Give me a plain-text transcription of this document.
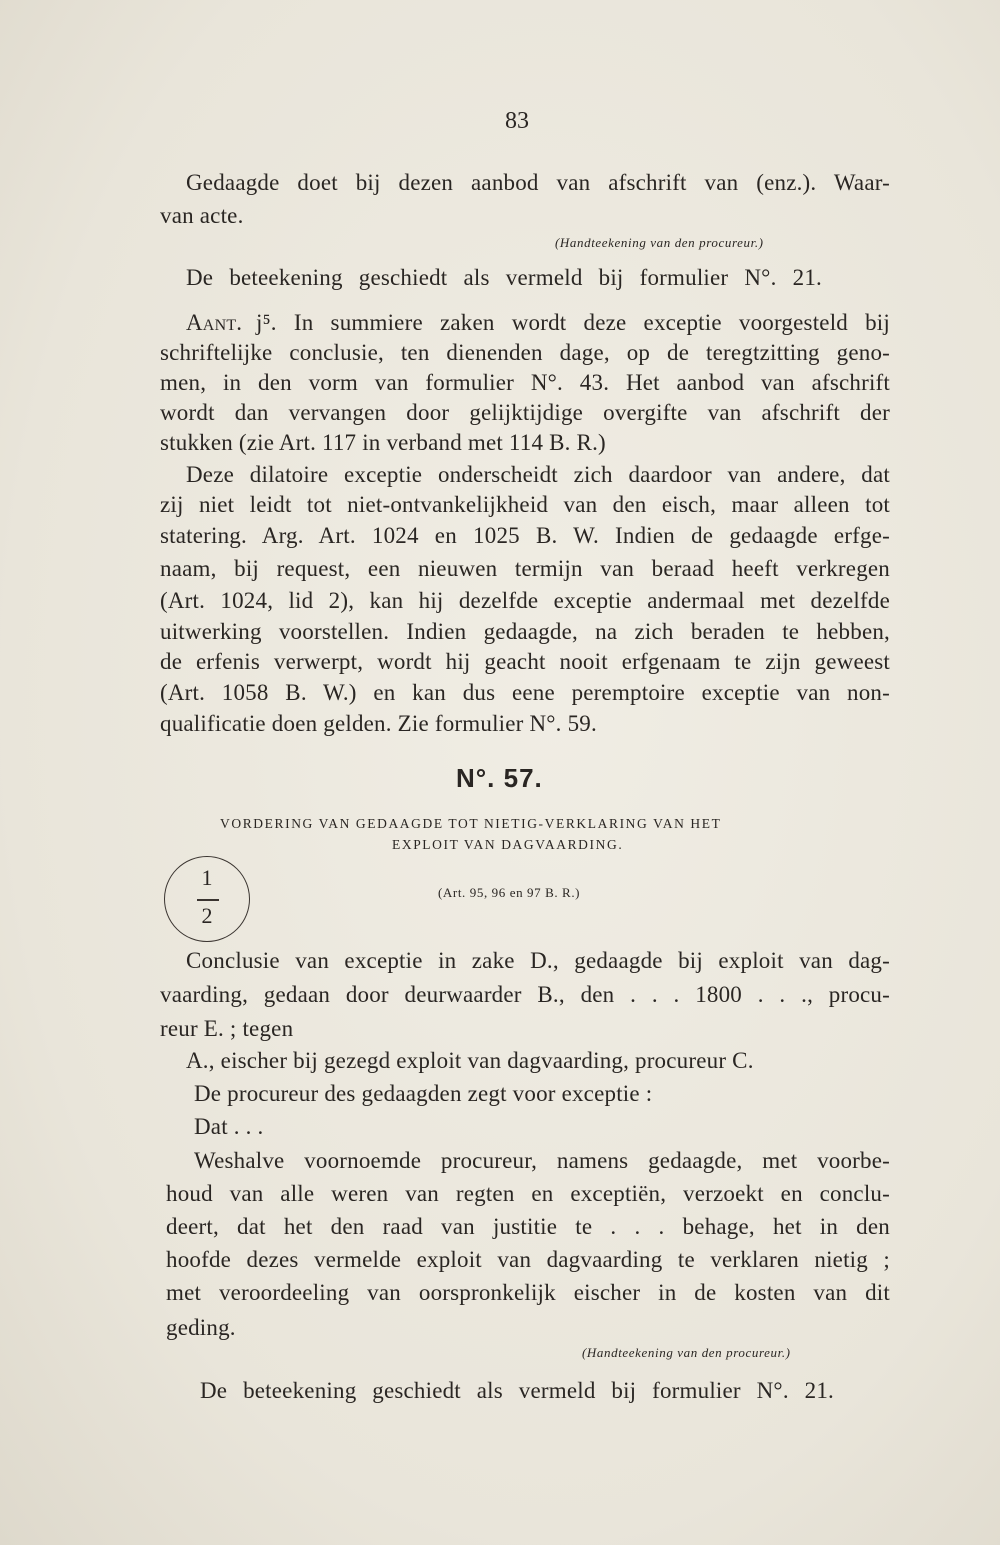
83
Gedaagde doet bij dezen aanbod van afschrift van (enz.). Waar-
van acte.
(Handteekening van den procureur.)
De beteekening geschiedt als vermeld bij formulier N°. 21.
Aant. j⁵. In summiere zaken wordt deze exceptie voorgesteld bij
schriftelijke conclusie, ten dienenden dage, op de teregtzitting geno-
men, in den vorm van formulier N°. 43. Het aanbod van afschrift
wordt dan vervangen door gelijktijdige overgifte van afschrift der
stukken (zie Art. 117 in verband met 114 B. R.)
Deze dilatoire exceptie onderscheidt zich daardoor van andere, dat
zij niet leidt tot niet-ontvankelijkheid van den eisch, maar alleen tot
statering. Arg. Art. 1024 en 1025 B. W. Indien de gedaagde erfge-
naam, bij request, een nieuwen termijn van beraad heeft verkregen
(Art. 1024, lid 2), kan hij dezelfde exceptie andermaal met dezelfde
uitwerking voorstellen. Indien gedaagde, na zich beraden te hebben,
de erfenis verwerpt, wordt hij geacht nooit erfgenaam te zijn geweest
(Art. 1058 B. W.) en kan dus eene peremptoire exceptie van non-
qualificatie doen gelden. Zie formulier N°. 59.
N°. 57.
VORDERING VAN GEDAAGDE TOT NIETIG-VERKLARING VAN HET
EXPLOIT VAN DAGVAARDING.
1
2
(Art. 95, 96 en 97 B. R.)
Conclusie van exceptie in zake D., gedaagde bij exploit van dag-
vaarding, gedaan door deurwaarder B., den . . . 1800 . . ., procu-
reur E. ; tegen
A., eischer bij gezegd exploit van dagvaarding, procureur C.
De procureur des gedaagden zegt voor exceptie :
Dat . . .
Weshalve voornoemde procureur, namens gedaagde, met voorbe-
houd van alle weren van regten en exceptiën, verzoekt en conclu-
deert, dat het den raad van justitie te . . . behage, het in den
hoofde dezes vermelde exploit van dagvaarding te verklaren nietig ;
met veroordeeling van oorspronkelijk eischer in de kosten van dit
geding.
(Handteekening van den procureur.)
De beteekening geschiedt als vermeld bij formulier N°. 21.
